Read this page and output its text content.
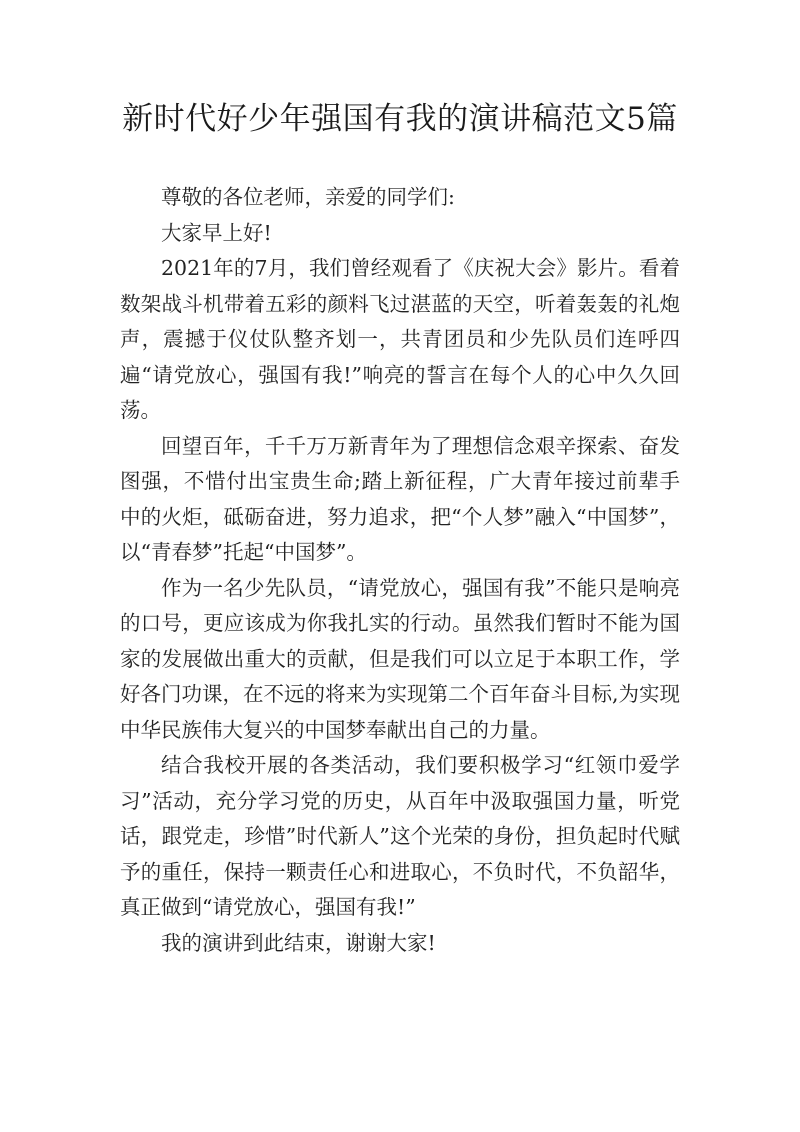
新时代好少年强国有我的演讲稿范文5篇

尊敬的各位老师，亲爱的同学们:

大家早上好!

2021年的7月，我们曾经观看了《庆祝大会》影片。看着数架战斗机带着五彩的颜料飞过湛蓝的天空，听着轰轰的礼炮声，震撼于仪仗队整齐划一，共青团员和少先队员们连呼四遍“请党放心，强国有我!”响亮的誓言在每个人的心中久久回荡。

回望百年，千千万万新青年为了理想信念艰辛探索、奋发图强，不惜付出宝贵生命;踏上新征程，广大青年接过前辈手中的火炬，砥砺奋进，努力追求，把“个人梦”融入“中国梦”，以“青春梦”托起“中国梦”。

作为一名少先队员，“请党放心，强国有我”不能只是响亮的口号，更应该成为你我扎实的行动。虽然我们暂时不能为国家的发展做出重大的贡献，但是我们可以立足于本职工作，学好各门功课，在不远的将来为实现第二个百年奋斗目标,为实现中华民族伟大复兴的中国梦奉献出自己的力量。

结合我校开展的各类活动，我们要积极学习“红领巾爱学习”活动，充分学习党的历史，从百年中汲取强国力量，听党话，跟党走，珍惜”时代新人”这个光荣的身份，担负起时代赋予的重任，保持一颗责任心和进取心，不负时代，不负韶华，真正做到“请党放心，强国有我!”

我的演讲到此结束，谢谢大家!
